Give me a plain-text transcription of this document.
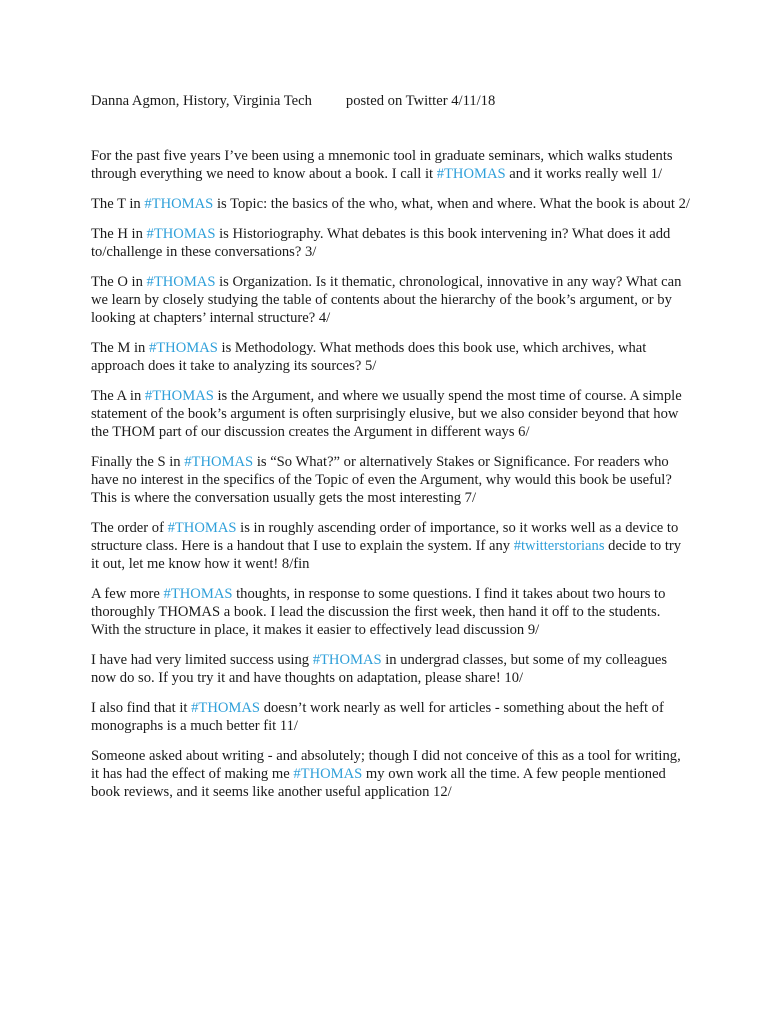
Danna Agmon, History, Virginia Tech posted on Twitter 4/11/18

For the past five years I’ve been using a mnemonic tool in graduate seminars, which walks students through everything we need to know about a book. I call it #THOMAS and it works really well 1/

The T in #THOMAS is Topic: the basics of the who, what, when and where. What the book is about 2/

The H in #THOMAS is Historiography. What debates is this book intervening in? What does it add to/challenge in these conversations? 3/

The O in #THOMAS is Organization. Is it thematic, chronological, innovative in any way? What can we learn by closely studying the table of contents about the hierarchy of the book’s argument, or by looking at chapters’ internal structure? 4/

The M in #THOMAS is Methodology. What methods does this book use, which archives, what approach does it take to analyzing its sources? 5/

The A in #THOMAS is the Argument, and where we usually spend the most time of course. A simple statement of the book’s argument is often surprisingly elusive, but we also consider beyond that how the THOM part of our discussion creates the Argument in different ways 6/

Finally the S in #THOMAS is “So What?” or alternatively Stakes or Significance. For readers who have no interest in the specifics of the Topic of even the Argument, why would this book be useful? This is where the conversation usually gets the most interesting 7/

The order of #THOMAS is in roughly ascending order of importance, so it works well as a device to structure class. Here is a handout that I use to explain the system. If any #twitterstorians decide to try it out, let me know how it went! 8/fin

A few more #THOMAS thoughts, in response to some questions. I find it takes about two hours to thoroughly THOMAS a book. I lead the discussion the first week, then hand it off to the students. With the structure in place, it makes it easier to effectively lead discussion 9/

I have had very limited success using #THOMAS in undergrad classes, but some of my colleagues now do so. If you try it and have thoughts on adaptation, please share! 10/

I also find that it #THOMAS doesn’t work nearly as well for articles - something about the heft of monographs is a much better fit 11/

Someone asked about writing - and absolutely; though I did not conceive of this as a tool for writing, it has had the effect of making me #THOMAS my own work all the time. A few people mentioned book reviews, and it seems like another useful application 12/
